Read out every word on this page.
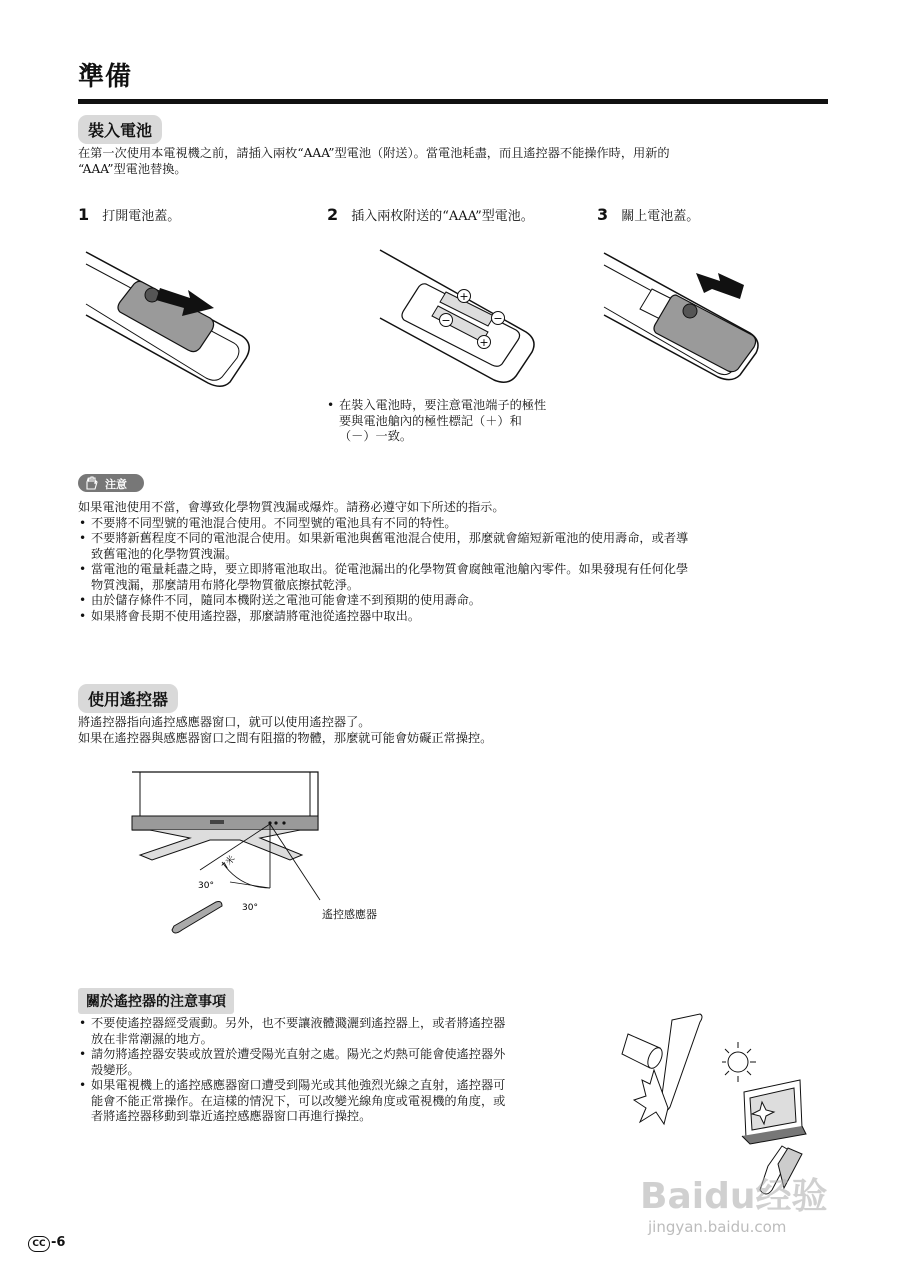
準備
裝入電池
在第一次使用本電視機之前，請插入兩枚“AAA”型電池（附送）。當電池耗盡，而且遙控器不能操作時，用新的
“AAA”型電池替換。
1 打開電池蓋。	2 插入兩枚附送的“AAA”型電池。	3 關上電池蓋。
+
−	−
+
• 在裝入電池時，要注意電池端子的極性
要與電池艙內的極性標記（＋）和
（－）一致。
注意
如果電池使用不當，會導致化學物質洩漏或爆炸。請務必遵守如下所述的指示。
• 不要將不同型號的電池混合使用。不同型號的電池具有不同的特性。
• 不要將新舊程度不同的電池混合使用。如果新電池與舊電池混合使用，那麼就會縮短新電池的使用壽命，或者導
致舊電池的化學物質洩漏。
• 當電池的電量耗盡之時，要立即將電池取出。從電池漏出的化學物質會腐蝕電池艙內零件。如果發現有任何化學
物質洩漏，那麼請用布將化學物質徹底擦拭乾淨。
• 由於儲存條件不同，隨同本機附送之電池可能會達不到預期的使用壽命。
• 如果將會長期不使用遙控器，那麼請將電池從遙控器中取出。
使用遙控器
將遙控器指向遙控感應器窗口，就可以使用遙控器了。
如果在遙控器與感應器窗口之間有阻擋的物體，那麼就可能會妨礙正常操控。
30°
30°
7米
遙控感應器
關於遙控器的注意事項
• 不要使遙控器經受震動。另外，也不要讓液體濺灑到遙控器上，或者將遙控器
放在非常潮濕的地方。
• 請勿將遙控器安裝或放置於遭受陽光直射之處。陽光之灼熱可能會使遙控器外
殼變形。
• 如果電視機上的遙控感應器窗口遭受到陽光或其他強烈光線之直射，遙控器可
能會不能正常操作。在這樣的情況下，可以改變光線角度或電視機的角度，或
者將遙控器移動到靠近遙控感應器窗口再進行操控。
CC -6
Baidu经验
jingyan.baidu.com
